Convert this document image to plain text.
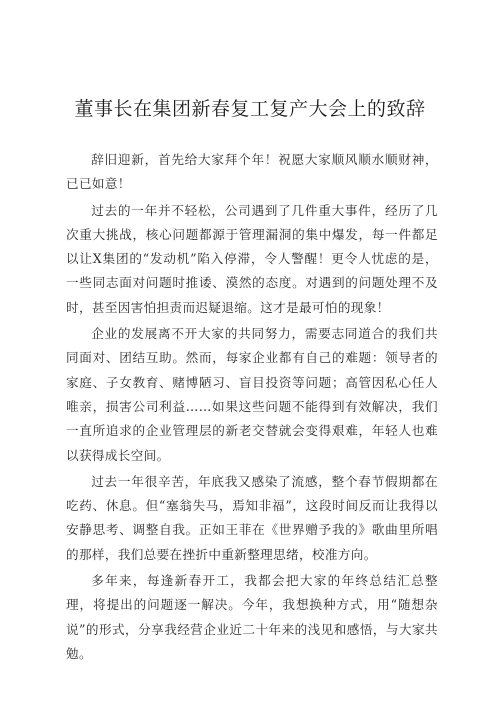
董事长在集团新春复工复产大会上的致辞

辞旧迎新，首先给大家拜个年！祝愿大家顺风顺水顺财神，已已如意！

过去的一年并不轻松，公司遇到了几件重大事件，经历了几次重大挑战，核心问题都源于管理漏洞的集中爆发，每一件都足以让X集团的“发动机”陷入停滞，令人警醒！更令人忧虑的是，一些同志面对问题时推诿、漠然的态度。对遇到的问题处理不及时，甚至因害怕担责而迟疑退缩。这才是最可怕的现象！

企业的发展离不开大家的共同努力，需要志同道合的我们共同面对、团结互助。然而，每家企业都有自己的难题：领导者的家庭、子女教育、赌博陋习、盲目投资等问题；高管因私心任人唯亲，损害公司利益……如果这些问题不能得到有效解决，我们一直所追求的企业管理层的新老交替就会变得艰难，年轻人也难以获得成长空间。

过去一年很辛苦，年底我又感染了流感，整个春节假期都在吃药、休息。但“塞翁失马，焉知非福”，这段时间反而让我得以安静思考、调整自我。正如王菲在《世界赠予我的》歌曲里所唱的那样，我们总要在挫折中重新整理思绪，校准方向。

多年来，每逢新春开工，我都会把大家的年终总结汇总整理，将提出的问题逐一解决。今年，我想换种方式，用“随想杂说”的形式，分享我经营企业近二十年来的浅见和感悟，与大家共勉。
